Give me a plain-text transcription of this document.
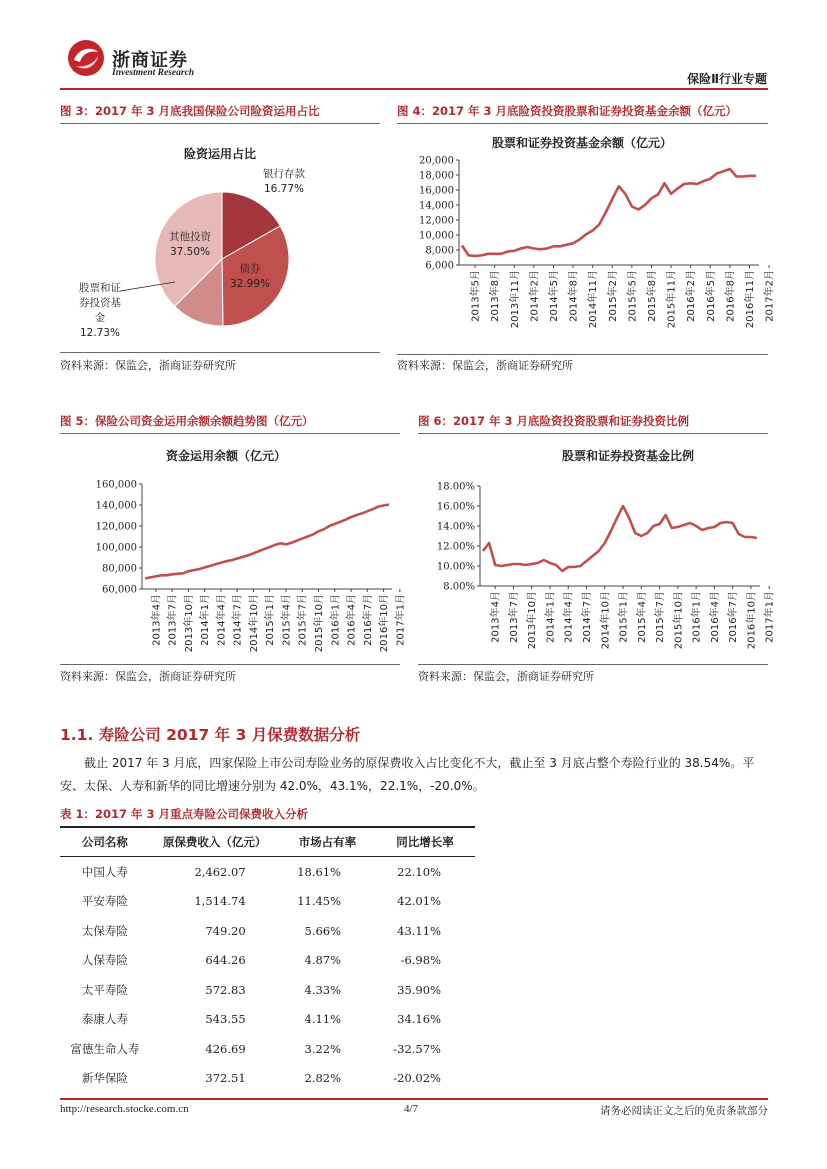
浙商证券
Investment Research	保险Ⅱ行业专题
图 3：2017 年 3 月底我国保险公司险资运用占比
险资运用占比
银行存款 16.77%
债券 32.99%
股票和证券投资基金 12.73%
其他投资 37.50%
资料来源：保监会，浙商证券研究所
图 4：2017 年 3 月底险资投资股票和证券投资基金余额（亿元）
股票和证券投资基金余额（亿元）
6,000
8,000
10,000
12,000
14,000
16,000
18,000
20,000
2013年5月 2013年8月 2013年11月 2014年2月 2014年5月 2014年8月 2014年11月 2015年2月 2015年5月 2015年8月 2015年11月 2016年2月 2016年5月 2016年8月 2016年11月 2017年2月
资料来源：保监会，浙商证券研究所
图 5：保险公司资金运用余额余额趋势图（亿元）
资金运用余额（亿元）
60,000
80,000
100,000
120,000
140,000
160,000
2013年4月 2013年7月 2013年10月 2014年1月 2014年4月 2014年7月 2014年10月 2015年1月 2015年4月 2015年7月 2015年10月 2016年1月 2016年4月 2016年7月 2016年10月 2017年1月
资料来源：保监会，浙商证券研究所
图 6：2017 年 3 月底险资投资股票和证券投资比例
股票和证券投资基金比例
8.00%
10.00%
12.00%
14.00%
16.00%
18.00%
2013年4月 2013年7月 2013年10月 2014年1月 2014年4月 2014年7月 2014年10月 2015年1月 2015年4月 2015年7月 2015年10月 2016年1月 2016年4月 2016年7月 2016年10月 2017年1月
资料来源：保监会，浙商证券研究所
1.1. 寿险公司 2017 年 3 月保费数据分析
截止 2017 年 3 月底，四家保险上市公司寿险业务的原保费收入占比变化不大，截止至 3 月底占整个寿险行业的 38.54%。平安、太保、人寿和新华的同比增速分别为 42.0%，43.1%，22.1%，-20.0%。
表 1：2017 年 3 月重点寿险公司保费收入分析
公司名称	原保费收入（亿元）	市场占有率	同比增长率
中国人寿	2,462.07	18.61%	22.10%
平安寿险	1,514.74	11.45%	42.01%
太保寿险	749.20	5.66%	43.11%
人保寿险	644.26	4.87%	-6.98%
太平寿险	572.83	4.33%	35.90%
泰康人寿	543.55	4.11%	34.16%
富德生命人寿	426.69	3.22%	-32.57%
新华保险	372.51	2.82%	-20.02%
http://research.stocke.com.cn	4/7	请务必阅读正文之后的免责条款部分
